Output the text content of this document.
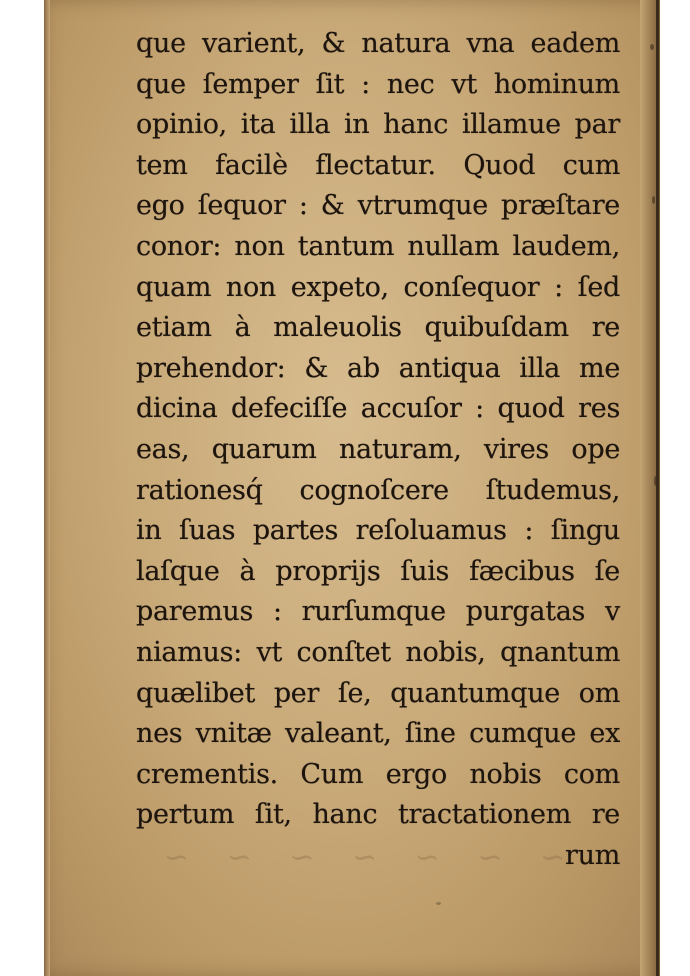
~ ~ ~ ~ ~ ~ ~
que varient, & natura vna eadem
que ſemper ſit : nec vt hominum
opinio, ita illa in hanc illamue par
tem facilè flectatur. Quod cum
ego ſequor : & vtrumque præſtare
conor: non tantum nullam laudem,
quam non expeto, conſequor : ſed
etiam à maleuolis quibuſdam re
prehendor: & ab antiqua illa me
dicina defeciſſe accuſor : quod res
eas, quarum naturam, vires ope
rationesq́ cognoſcere ſtudemus,
in ſuas partes reſoluamus : ſingu
laſque à proprijs ſuis fæcibus ſe
paremus : rurſumque purgatas v
niamus: vt conſtet nobis, qnantum
quælibet per ſe, quantumque om
nes vnitæ valeant, ſine cumque ex
crementis. Cum ergo nobis com
pertum ſit, hanc tractationem re
rum
